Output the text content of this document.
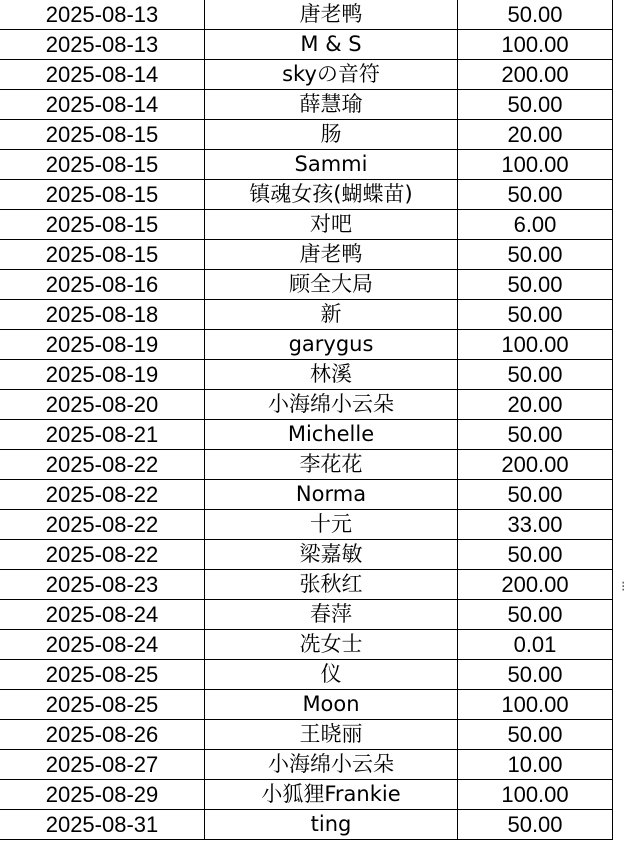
2025-08-13	唐老鸭	50.00
2025-08-13	M & S	100.00
2025-08-14	skyの音符	200.00
2025-08-14	薛慧瑜	50.00
2025-08-15	肠	20.00
2025-08-15	Sammi	100.00
2025-08-15	镇魂女孩(蝴蝶苗)	50.00
2025-08-15	对吧	6.00
2025-08-15	唐老鸭	50.00
2025-08-16	顾全大局	50.00
2025-08-18	新	50.00
2025-08-19	garygus	100.00
2025-08-19	林溪	50.00
2025-08-20	小海绵小云朵	20.00
2025-08-21	Michelle	50.00
2025-08-22	李花花	200.00
2025-08-22	Norma	50.00
2025-08-22	十元	33.00
2025-08-22	梁嘉敏	50.00
2025-08-23	张秋红	200.00
2025-08-24	春萍	50.00
2025-08-24	冼女士	0.01
2025-08-25	仪	50.00
2025-08-25	Moon	100.00
2025-08-26	王晓丽	50.00
2025-08-27	小海绵小云朵	10.00
2025-08-29	小狐狸Frankie	100.00
2025-08-31	ting	50.00
⁝
